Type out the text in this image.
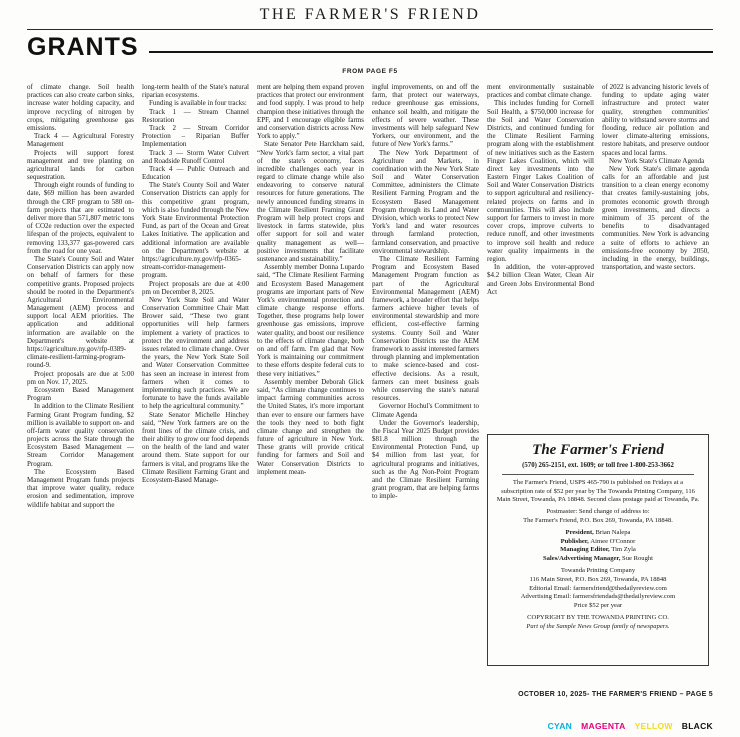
THE FARMER'S FRIEND
GRANTS
FROM PAGE F5

of climate change. Soil health practices can also create carbon sinks, increase water holding capacity, and improve recycling of nitrogen by crops, mitigating greenhouse gas emissions.

Track 4 — Agricultural Forestry Management

Projects will support forest management and tree planting on agricultural lands for carbon sequestration.

Through eight rounds of funding to date, $69 million has been awarded through the CRF program to 580 on-farm projects that are estimated to deliver more than 571,807 metric tons of CO2e reduction over the expected lifespan of the projects, equivalent to removing 133,377 gas-powered cars from the road for one year.

The State's County Soil and Water Conservation Districts can apply now on behalf of farmers for these competitive grants. Proposed projects should be rooted in the Department's Agricultural Environmental Management (AEM) process and support local AEM priorities. The application and additional information are available on the Department's website at https://agriculture.ny.gov/rfp-0389-climate-resilient-farming-program-round-9.

Project proposals are due at 5:00 pm on Nov. 17, 2025.

Ecosystem Based Management Program

In addition to the Climate Resilient Farming Grant Program funding, $2 million is available to support on- and off-farm water quality conservation projects across the State through the Ecosystem Based Management — Stream Corridor Management Program.

The Ecosystem Based Management Program funds projects that improve water quality, reduce erosion and sedimentation, improve wildlife habitat and support the

long-term health of the State's natural riparian ecosystems.

Funding is available in four tracks:

Track 1 — Stream Channel Restoration

Track 2 — Stream Corridor Protection – Riparian Buffer Implementation

Track 3 — Storm Water Culvert and Roadside Runoff Control

Track 4 — Public Outreach and Education

The State's County Soil and Water Conservation Districts can apply for this competitive grant program, which is also funded through the New York State Environmental Protection Fund, as part of the Ocean and Great Lakes Initiative. The application and additional information are available on the Department's website at https://agriculture.ny.gov/rfp-0365-stream-corridor-management-program.

Project proposals are due at 4:00 pm on December 8, 2025.

New York State Soil and Water Conservation Committee Chair Matt Brower said, “These two grant opportunities will help farmers implement a variety of practices to protect the environment and address issues related to climate change. Over the years, the New York State Soil and Water Conservation Committee has seen an increase in interest from farmers when it comes to implementing such practices. We are fortunate to have the funds available to help the agricultural community.”

State Senator Michelle Hinchey said, “New York farmers are on the front lines of the climate crisis, and their ability to grow our food depends on the health of the land and water around them. State support for our farmers is vital, and programs like the Climate Resilient Farming Grant and Ecosystem-Based Manage-

ment are helping them expand proven practices that protect our environment and food supply. I was proud to help champion these initiatives through the EPF, and I encourage eligible farms and conservation districts across New York to apply.”

State Senator Pete Harckham said, “New York's farm sector, a vital part of the state's economy, faces incredible challenges each year in regard to climate change while also endeavoring to conserve natural resources for future generations. The newly announced funding streams in the Climate Resilient Framing Grant Program will help protect crops and livestock in farms statewide, plus offer support for soil and water quality management as well—positive investments that facilitate sustenance and sustainability.”

Assembly member Donna Lupardo said, “The Climate Resilient Farming and Ecosystem Based Management programs are important parts of New York's environmental protection and climate change response efforts. Together, these programs help lower greenhouse gas emissions, improve water quality, and boost our resilience to the effects of climate change, both on and off farm. I'm glad that New York is maintaining our commitment to these efforts despite federal cuts to these very initiatives.”

Assembly member Deborah Glick said, “As climate change continues to impact farming communities across the United States, it's more important than ever to ensure our farmers have the tools they need to both fight climate change and strengthen the future of agriculture in New York. These grants will provide critical funding for farmers and Soil and Water Conservation Districts to implement mean-

ingful improvements, on and off the farm, that protect our waterways, reduce greenhouse gas emissions, enhance soil health, and mitigate the effects of severe weather. These investments will help safeguard New Yorkers, our environment, and the future of New York's farms.”

The New York Department of Agriculture and Markets, in coordination with the New York State Soil and Water Conservation Committee, administers the Climate Resilient Farming Program and the Ecosystem Based Management Program through its Land and Water Division, which works to protect New York's land and water resources through farmland protection, farmland conservation, and proactive environmental stewardship.

The Climate Resilient Farming Program and Ecosystem Based Management Program function as part of the Agricultural Environmental Management (AEM) framework, a broader effort that helps farmers achieve higher levels of environmental stewardship and more efficient, cost-effective farming systems. County Soil and Water Conservation Districts use the AEM framework to assist interested farmers through planning and implementation to make science-based and cost-effective decisions. As a result, farmers can meet business goals while conserving the state's natural resources.

Governor Hochul's Commitment to Climate Agenda

Under the Governor's leadership, the Fiscal Year 2025 Budget provides $81.8 million through the Environmental Protection Fund, up $4 million from last year, for agricultural programs and initiatives, such as the Ag Non-Point Program and the Climate Resilient Farming grant program, that are helping farms to imple-

ment environmentally sustainable practices and combat climate change.

This includes funding for Cornell Soil Health, a $750,000 increase for the Soil and Water Conservation Districts, and continued funding for the Climate Resilient Farming program along with the establishment of new initiatives such as the Eastern Finger Lakes Coalition, which will direct key investments into the Eastern Finger Lakes Coalition of Soil and Water Conservation Districts to support agricultural and resiliency-related projects on farms and in communities. This will also include support for farmers to invest in more cover crops, improve culverts to reduce runoff, and other investments to improve soil health and reduce water quality impairments in the region.

In addition, the voter-approved $4.2 billion Clean Water, Clean Air and Green Jobs Environmental Bond Act

of 2022 is advancing historic levels of funding to update aging water infrastructure and protect water quality, strengthen communities' ability to withstand severe storms and flooding, reduce air pollution and lower climate-altering emissions, restore habitats, and preserve outdoor spaces and local farms.

New York State's Climate Agenda

New York State's climate agenda calls for an affordable and just transition to a clean energy economy that creates family-sustaining jobs, promotes economic growth through green investments, and directs a minimum of 35 percent of the benefits to disadvantaged communities. New York is advancing a suite of efforts to achieve an emissions-free economy by 2050, including in the energy, buildings, transportation, and waste sectors.

The Farmer's Friend
(570) 265-2151, ext. 1609; or toll free 1-800-253-3662
The Farmer's Friend, USPS 465-790 is published on Fridays at a subscription rate of $52 per year by The Towanda Printing Company, 116 Main Street, Towanda, PA 18848. Second class postage paid at Towanda, Pa.
Postmaster: Send change of address to:
The Farmer's Friend, P.O. Box 269, Towanda, PA 18848.
President, Brian Nalepa
Publisher, Aimee O'Connor
Managing Editor, Tim Zyla
Sales/Advertising Manager, Sue Rought
Towanda Printing Company
116 Main Street, P.O. Box 269, Towanda, PA 18848
Editorial Email: farmersfriend@thedailyreview.com
Advertising Email: farmersfriendads@thedailyreview.com
Price $52 per year
COPYRIGHT BY THE TOWANDA PRINTING CO.
Part of the Sample News Group family of newspapers.
OCTOBER 10, 2025- THE FARMER'S FRIEND – PAGE 5
CYAN MAGENTA YELLOW BLACK
